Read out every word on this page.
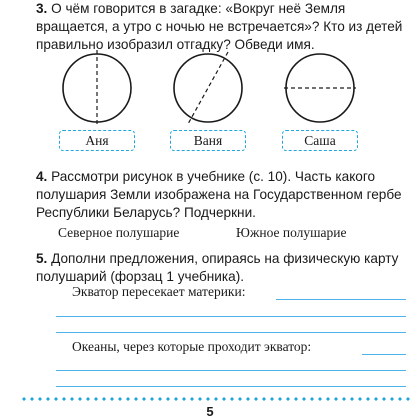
3. О чём говорится в загадке: «Вокруг неё Земля вращается, а утро с ночью не встречается»? Кто из детей правильно изобразил отгадку? Обведи имя.
Аня	Ваня	Саша
4. Рассмотри рисунок в учебнике (с. 10). Часть какого полушария Земли изображена на Государственном гербе Республики Беларусь? Подчеркни.
Северное полушарие	Южное полушарие
5. Дополни предложения, опираясь на физическую карту полушарий (форзац 1 учебника).
Экватор пересекает материки:
Океаны, через которые проходит экватор:
5
